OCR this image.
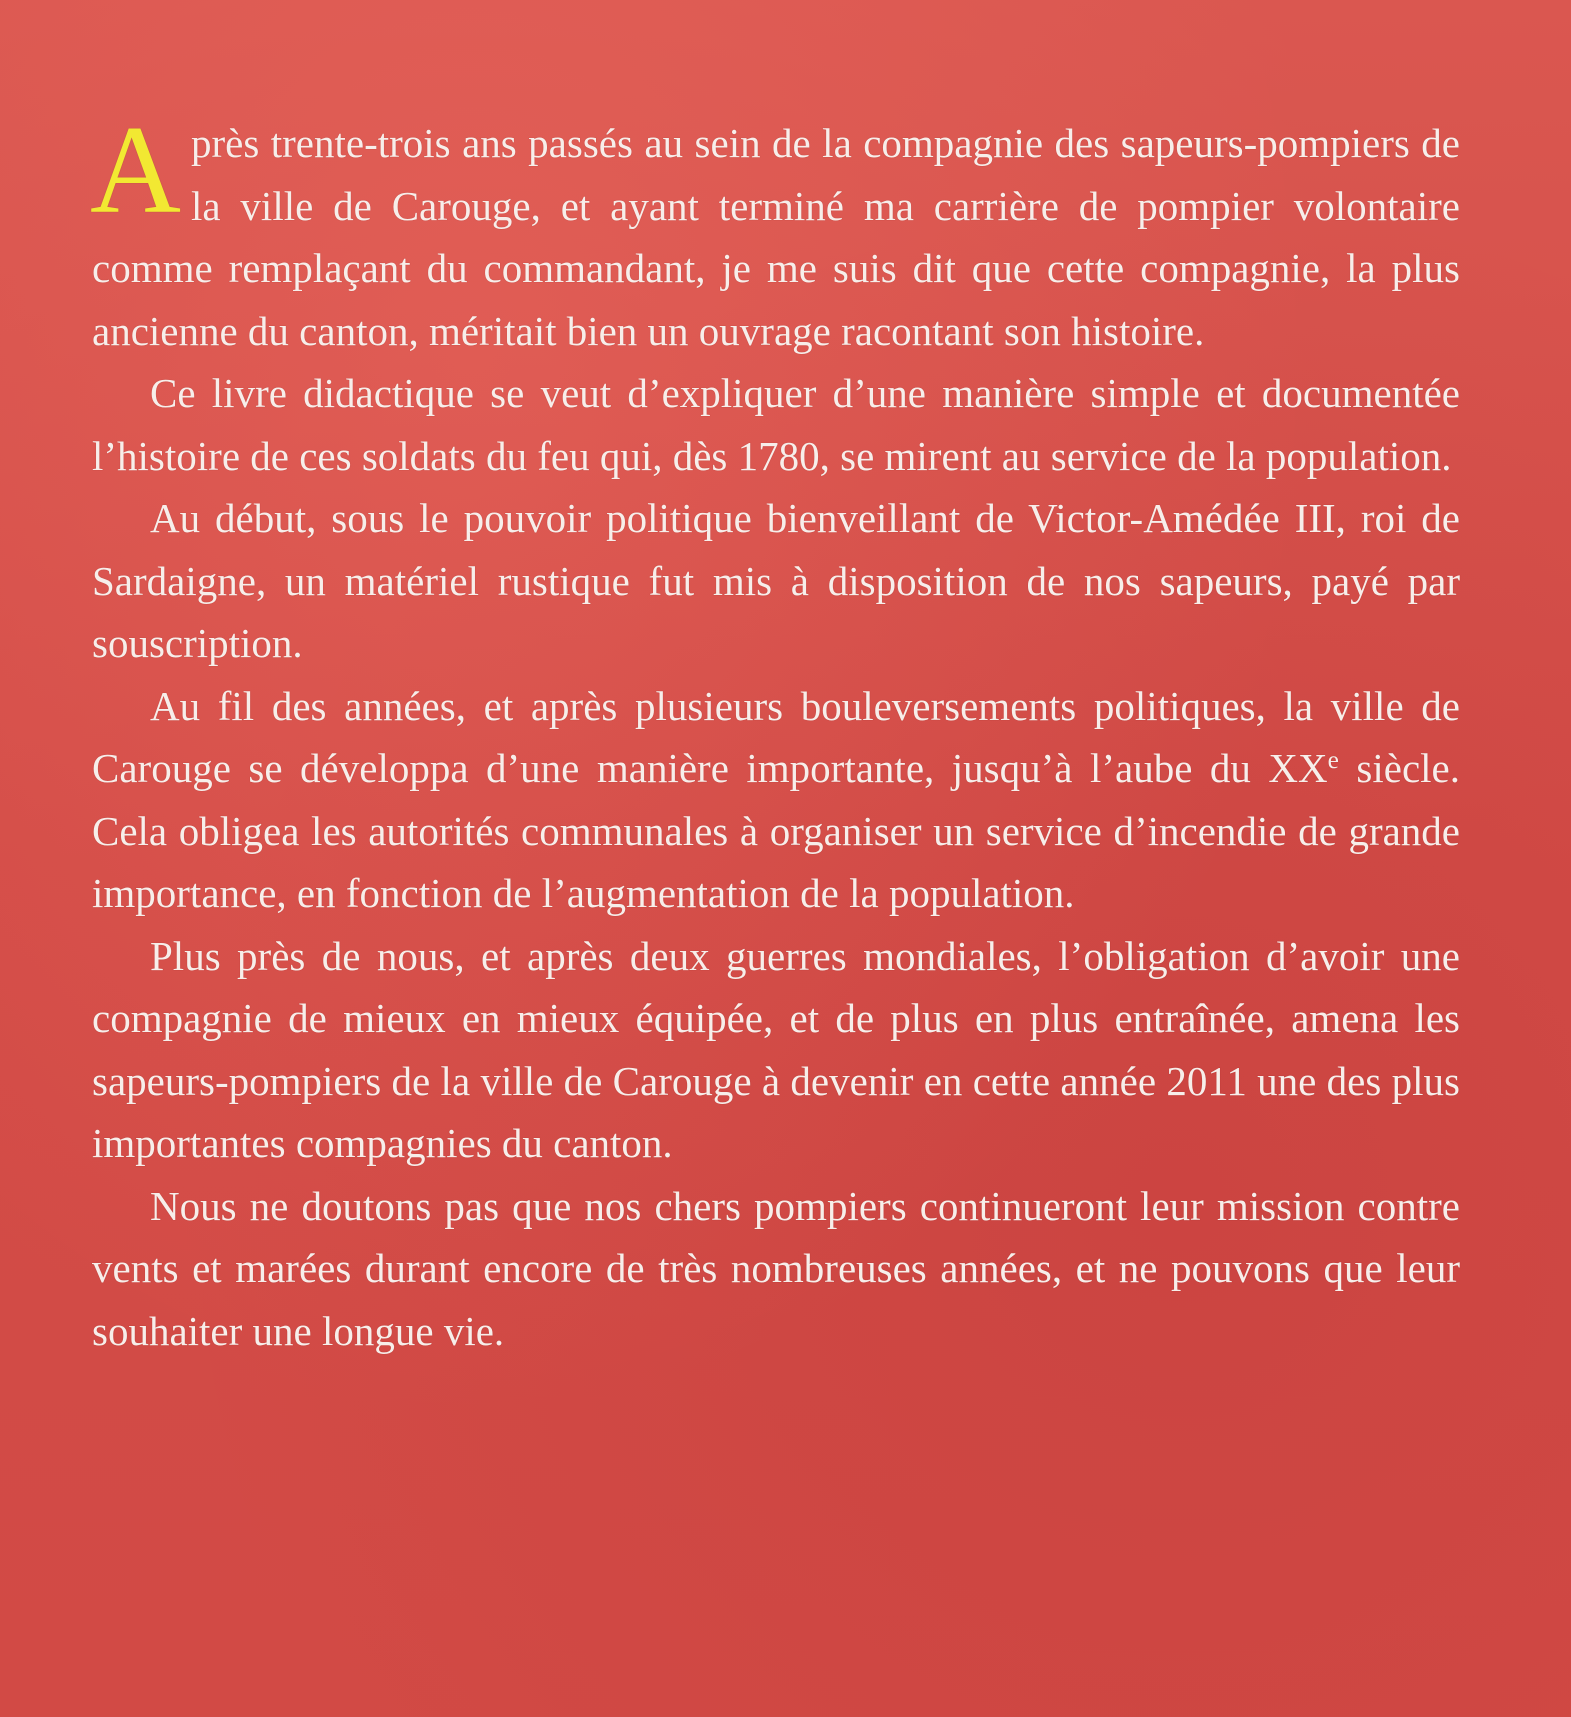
Après trente-trois ans passés au sein de la compagnie des sapeurs-pompiers de la ville de Carouge, et ayant terminé ma carrière de pompier volontaire comme remplaçant du commandant, je me suis dit que cette compagnie, la plus ancienne du canton, méritait bien un ouvrage racontant son histoire.

Ce livre didactique se veut d’expliquer d’une manière simple et documentée l’histoire de ces soldats du feu qui, dès 1780, se mirent au service de la population.

Au début, sous le pouvoir politique bienveillant de Victor-Amédée III, roi de Sardaigne, un matériel rustique fut mis à disposition de nos sapeurs, payé par souscription.

Au fil des années, et après plusieurs bouleversements politiques, la ville de Carouge se développa d’une manière importante, jusqu’à l’aube du XXe siècle. Cela obligea les autorités communales à organiser un service d’incendie de grande importance, en fonction de l’augmentation de la population.

Plus près de nous, et après deux guerres mondiales, l’obligation d’avoir une compagnie de mieux en mieux équipée, et de plus en plus entraînée, amena les sapeurs-pompiers de la ville de Carouge à devenir en cette année 2011 une des plus importantes compagnies du canton.

Nous ne doutons pas que nos chers pompiers continueront leur mission contre vents et marées durant encore de très nombreuses années, et ne pouvons que leur souhaiter une longue vie.
